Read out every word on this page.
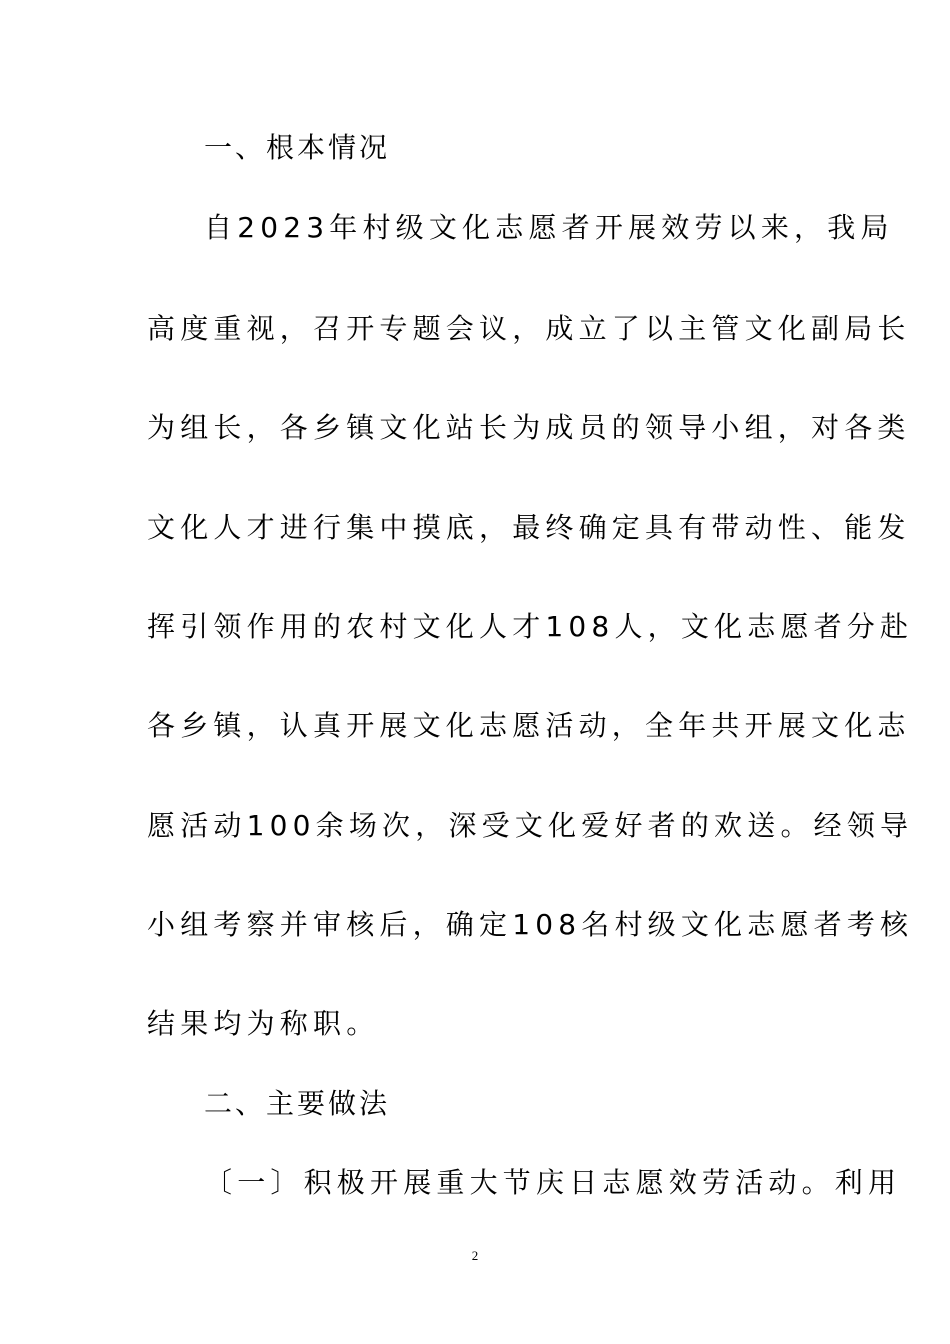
一、根本情况
自2023年村级文化志愿者开展效劳以来，我局
高度重视，召开专题会议，成立了以主管文化副局长
为组长，各乡镇文化站长为成员的领导小组，对各类
文化人才进行集中摸底，最终确定具有带动性、能发
挥引领作用的农村文化人才108人，文化志愿者分赴
各乡镇，认真开展文化志愿活动，全年共开展文化志
愿活动100余场次，深受文化爱好者的欢送。经领导
小组考察并审核后，确定108名村级文化志愿者考核
结果均为称职。
二、主要做法
〔一〕积极开展重大节庆日志愿效劳活动。利用
2
